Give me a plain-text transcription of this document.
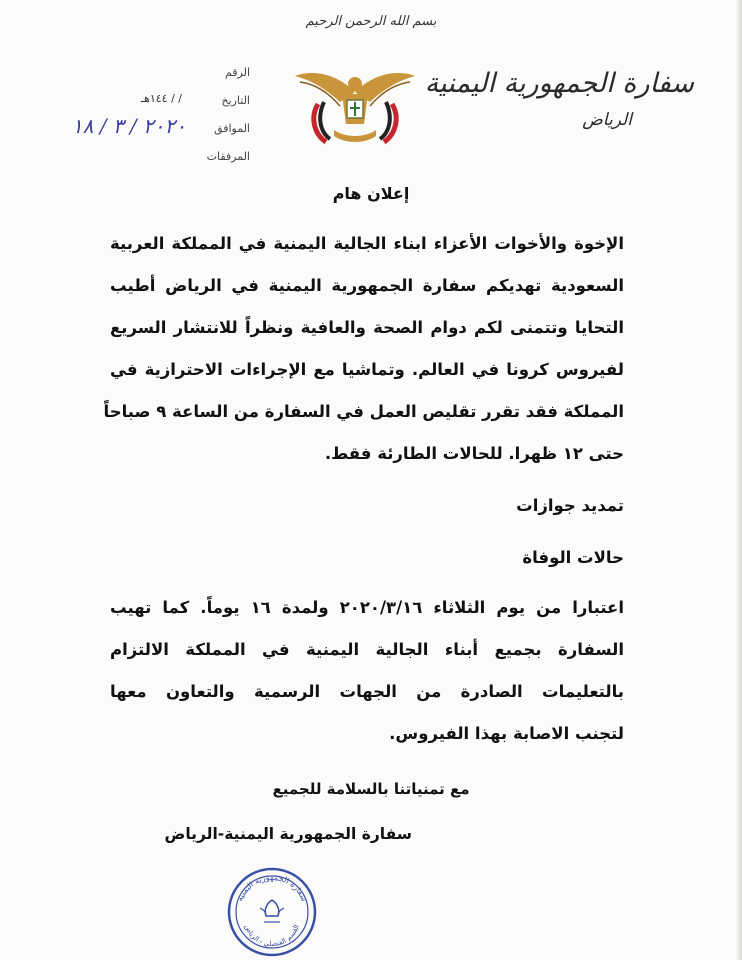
بسم الله الرحمن الرحيم
سفارة الجمهورية اليمنية
الرياض
الرقم
التاريخ
/ / ١٤٤هـ
الموافق
٢٠٢٠ / ٣ / ١٨
المرفقات
إعلان هام
الإخوة والأخوات الأعزاء ابناء الجالية اليمنية في المملكة العربية
السعودية تهديكم سفارة الجمهورية اليمنية في الرياض أطيب
التحايا وتتمنى لكم دوام الصحة والعافية ونظراً للانتشار السريع
لفيروس كرونا في العالم. وتماشيا مع الإجراءات الاحترازية في
المملكة فقد تقرر تقليص العمل في السفارة من الساعة ٩ صباحاً
حتى ١٢ ظهرا. للحالات الطارئة فقط.
تمديد جوازات
حالات الوفاة
اعتبارا من يوم الثلاثاء ٢٠٢٠/٣/١٦ ولمدة ١٦ يوماً. كما تهيب
السفارة بجميع أبناء الجالية اليمنية في المملكة الالتزام
بالتعليمات الصادرة من الجهات الرسمية والتعاون معها
لتجنب الاصابة بهذا الفيروس.
مع تمنياتنا بالسلامة للجميع
سفارة الجمهورية اليمنية-الرياض
سفارة الجمهورية اليمنية
القسم القنصلي - الرياض
